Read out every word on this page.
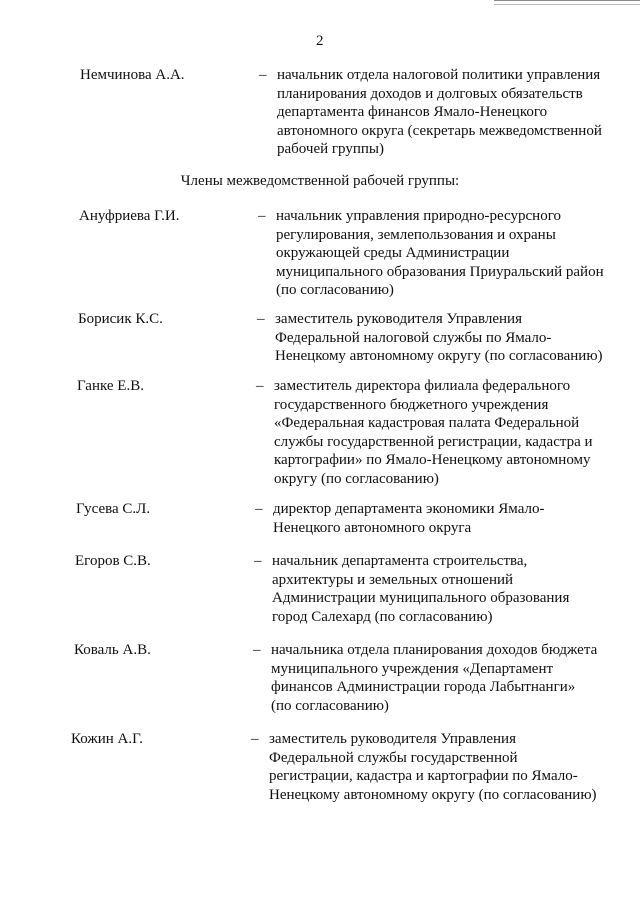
2
Немчинова А.А.	– начальник отдела налоговой политики управления
планирования доходов и долговых обязательств
департамента финансов Ямало-Ненецкого
автономного округа (секретарь межведомственной
рабочей группы)
Члены межведомственной рабочей группы:
Ануфриева Г.И.	– начальник управления природно-ресурсного
регулирования, землепользования и охраны
окружающей среды Администрации
муниципального образования Приуральский район
(по согласованию)
Борисик К.С.	– заместитель руководителя Управления
Федеральной налоговой службы по Ямало-
Ненецкому автономному округу (по согласованию)
Ганке Е.В.	– заместитель директора филиала федерального
государственного бюджетного учреждения
«Федеральная кадастровая палата Федеральной
службы государственной регистрации, кадастра и
картографии» по Ямало-Ненецкому автономному
округу (по согласованию)
Гусева С.Л.	– директор департамента экономики Ямало-
Ненецкого автономного округа
Егоров С.В.	– начальник департамента строительства,
архитектуры и земельных отношений
Администрации муниципального образования
город Салехард (по согласованию)
Коваль А.В.	– начальника отдела планирования доходов бюджета
муниципального учреждения «Департамент
финансов Администрации города Лабытнанги»
(по согласованию)
Кожин А.Г.	– заместитель руководителя Управления
Федеральной службы государственной
регистрации, кадастра и картографии по Ямало-
Ненецкому автономному округу (по согласованию)
